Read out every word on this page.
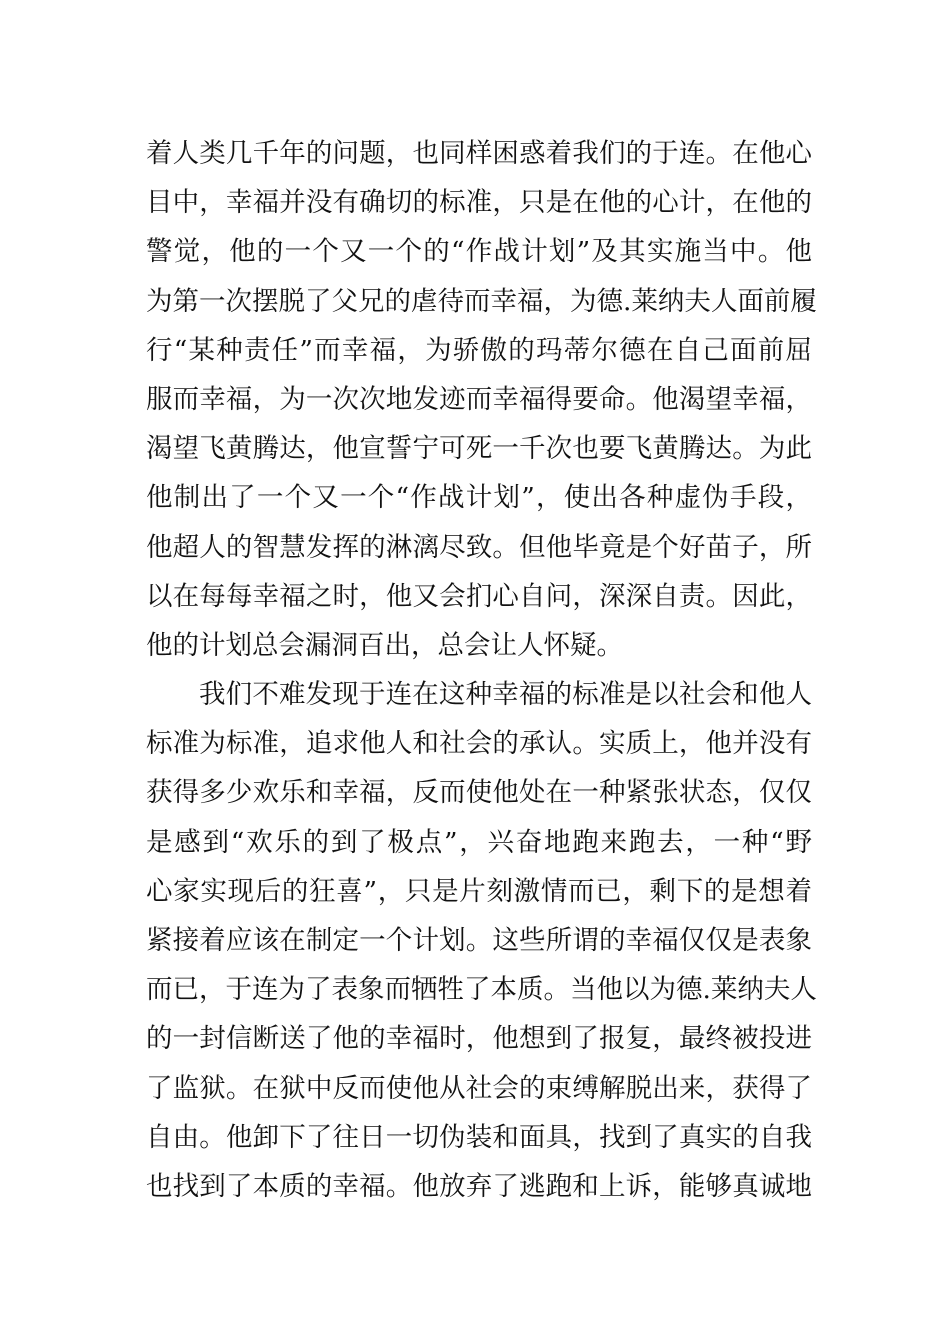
着人类几千年的问题，也同样困惑着我们的于连。在他心
目中，幸福并没有确切的标准，只是在他的心计，在他的
警觉，他的一个又一个的“作战计划”及其实施当中。他
为第一次摆脱了父兄的虐待而幸福，为德.莱纳夫人面前履
行“某种责任”而幸福，为骄傲的玛蒂尔德在自己面前屈
服而幸福，为一次次地发迹而幸福得要命。他渴望幸福，
渴望飞黄腾达，他宣誓宁可死一千次也要飞黄腾达。为此
他制出了一个又一个“作战计划”，使出各种虚伪手段，
他超人的智慧发挥的淋漓尽致。但他毕竟是个好苗子，所
以在每每幸福之时，他又会扪心自问，深深自责。因此，
他的计划总会漏洞百出，总会让人怀疑。
我们不难发现于连在这种幸福的标准是以社会和他人
标准为标准，追求他人和社会的承认。实质上，他并没有
获得多少欢乐和幸福，反而使他处在一种紧张状态，仅仅
是感到“欢乐的到了极点”，兴奋地跑来跑去，一种“野
心家实现后的狂喜”，只是片刻激情而已，剩下的是想着
紧接着应该在制定一个计划。这些所谓的幸福仅仅是表象
而已，于连为了表象而牺牲了本质。当他以为德.莱纳夫人
的一封信断送了他的幸福时，他想到了报复，最终被投进
了监狱。在狱中反而使他从社会的束缚解脱出来，获得了
自由。他卸下了往日一切伪装和面具，找到了真实的自我
也找到了本质的幸福。他放弃了逃跑和上诉，能够真诚地
